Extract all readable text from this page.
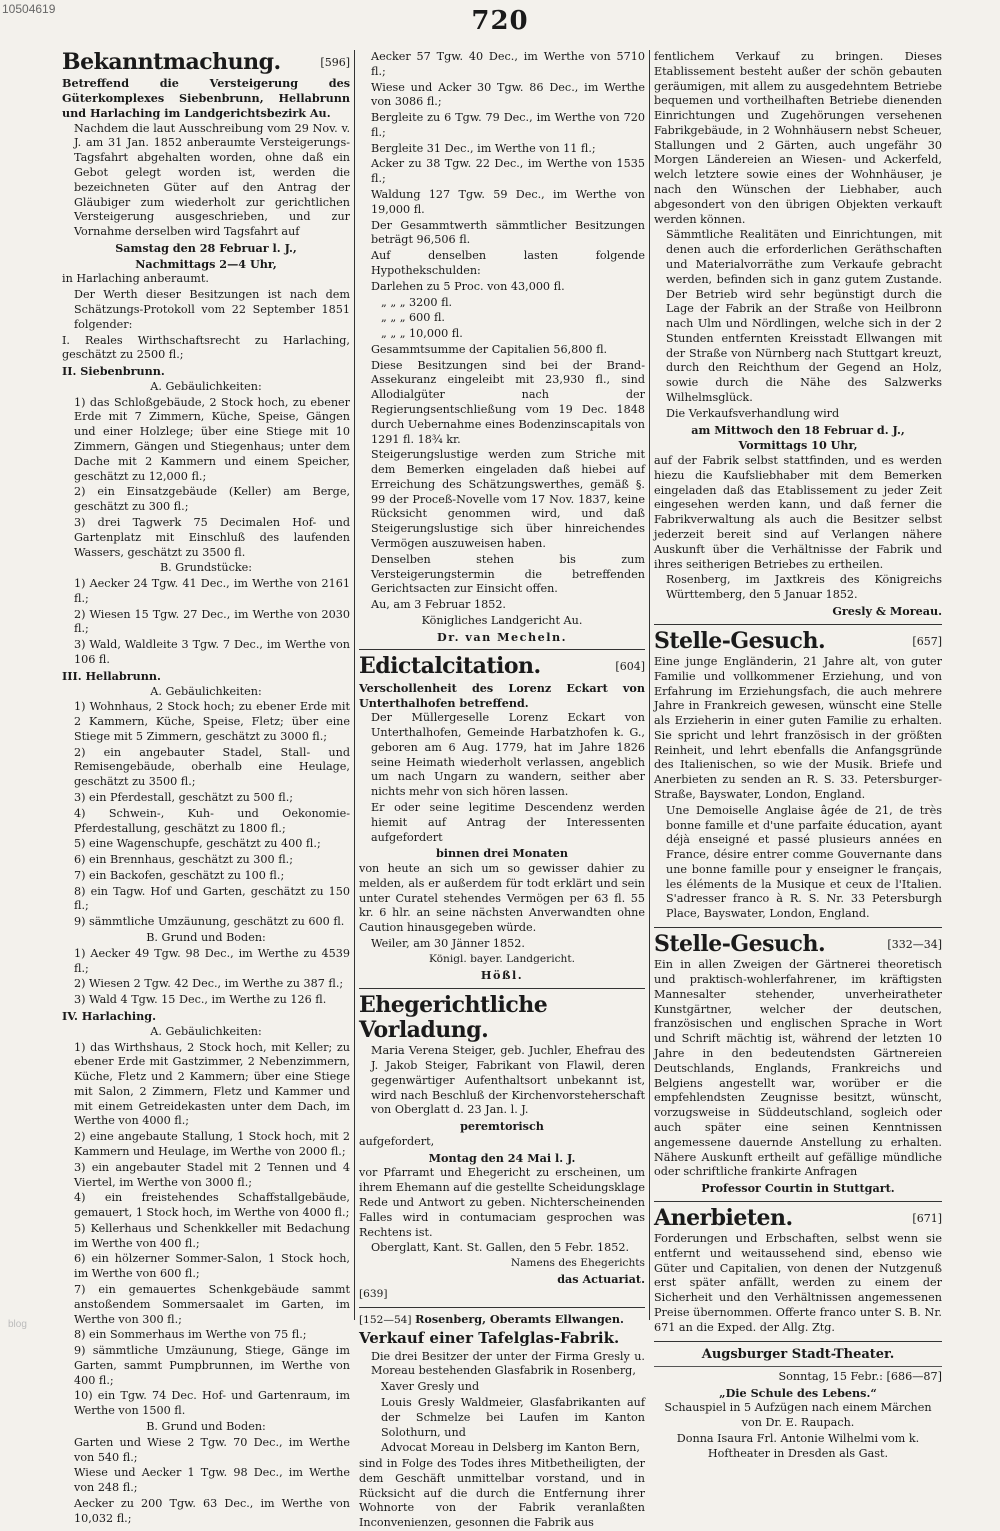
10504619	720

Bekanntmachung.	[596]

Betreffend die Versteigerung des Güterkomplexes Siebenbrunn, Hellabrunn und Harlaching im Landgerichtsbezirk Au.

Nachdem die laut Ausschreibung vom 29 Nov. v. J. am 31 Jan. 1852 anberaumte Versteigerungs-Tagsfahrt abgehalten worden, ohne daß ein Gebot gelegt worden ist, werden die bezeichneten Güter auf den Antrag der Gläubiger zum wiederholt zur gerichtlichen Versteigerung ausgeschrieben, und zur Vornahme derselben wird Tagsfahrt auf

Samstag den 28 Februar l. J.,

Nachmittags 2—4 Uhr,

in Harlaching anberaumt.

Der Werth dieser Besitzungen ist nach dem Schätzungs-Protokoll vom 22 September 1851 folgender:

I. Reales Wirthschaftsrecht zu Harlaching, geschätzt zu 2500 fl.;

II. Siebenbrunn.

A. Gebäulichkeiten:

1) das Schloßgebäude, 2 Stock hoch, zu ebener Erde mit 7 Zimmern, Küche, Speise, Gängen und einer Holzlege; über eine Stiege mit 10 Zimmern, Gängen und Stiegenhaus; unter dem Dache mit 2 Kammern und einem Speicher, geschätzt zu 12,000 fl.;

2) ein Einsatzgebäude (Keller) am Berge, geschätzt zu 300 fl.;

3) drei Tagwerk 75 Decimalen Hof- und Gartenplatz mit Einschluß des laufenden Wassers, geschätzt zu 3500 fl.

B. Grundstücke:

1) Aecker 24 Tgw. 41 Dec., im Werthe von 2161 fl.;

2) Wiesen 15 Tgw. 27 Dec., im Werthe von 2030 fl.;

3) Wald, Waldleite 3 Tgw. 7 Dec., im Werthe von 106 fl.

III. Hellabrunn.

A. Gebäulichkeiten:

1) Wohnhaus, 2 Stock hoch; zu ebener Erde mit 2 Kammern, Küche, Speise, Fletz; über eine Stiege mit 5 Zimmern, geschätzt zu 3000 fl.;

2) ein angebauter Stadel, Stall- und Remisengebäude, oberhalb eine Heulage, geschätzt zu 3500 fl.;

3) ein Pferdestall, geschätzt zu 500 fl.;

4) Schwein-, Kuh- und Oekonomie-Pferdestallung, geschätzt zu 1800 fl.;

5) eine Wagenschupfe, geschätzt zu 400 fl.;

6) ein Brennhaus, geschätzt zu 300 fl.;

7) ein Backofen, geschätzt zu 100 fl.;

8) ein Tagw. Hof und Garten, geschätzt zu 150 fl.;

9) sämmtliche Umzäunung, geschätzt zu 600 fl.

B. Grund und Boden:

1) Aecker 49 Tgw. 98 Dec., im Werthe zu 4539 fl.;

2) Wiesen 2 Tgw. 42 Dec., im Werthe zu 387 fl.;

3) Wald 4 Tgw. 15 Dec., im Werthe zu 126 fl.

IV. Harlaching.

A. Gebäulichkeiten:

1) das Wirthshaus, 2 Stock hoch, mit Keller; zu ebener Erde mit Gastzimmer, 2 Nebenzimmern, Küche, Fletz und 2 Kammern; über eine Stiege mit Salon, 2 Zimmern, Fletz und Kammer und mit einem Getreidekasten unter dem Dach, im Werthe von 4000 fl.;

2) eine angebaute Stallung, 1 Stock hoch, mit 2 Kammern und Heulage, im Werthe von 2000 fl.;

3) ein angebauter Stadel mit 2 Tennen und 4 Viertel, im Werthe von 3000 fl.;

4) ein freistehendes Schaffstallgebäude, gemauert, 1 Stock hoch, im Werthe von 4000 fl.;

5) Kellerhaus und Schenkkeller mit Bedachung im Werthe von 400 fl.;

6) ein hölzerner Sommer-Salon, 1 Stock hoch, im Werthe von 600 fl.;

7) ein gemauertes Schenkgebäude sammt anstoßendem Sommersaalet im Garten, im Werthe von 300 fl.;

8) ein Sommerhaus im Werthe von 75 fl.;

9) sämmtliche Umzäunung, Stiege, Gänge im Garten, sammt Pumpbrunnen, im Werthe von 400 fl.;

10) ein Tgw. 74 Dec. Hof- und Gartenraum, im Werthe von 1500 fl.

B. Grund und Boden:

Garten und Wiese 2 Tgw. 70 Dec., im Werthe von 540 fl.;

Wiese und Aecker 1 Tgw. 98 Dec., im Werthe von 248 fl.;

Aecker zu 200 Tgw. 63 Dec., im Werthe von 10,032 fl.;

Aecker 57 Tgw. 40 Dec., im Werthe von 5710 fl.;

Wiese und Acker 30 Tgw. 86 Dec., im Werthe von 3086 fl.;

Bergleite zu 6 Tgw. 79 Dec., im Werthe von 720 fl.;

Bergleite 31 Dec., im Werthe von 11 fl.;

Acker zu 38 Tgw. 22 Dec., im Werthe von 1535 fl.;

Waldung 127 Tgw. 59 Dec., im Werthe von 19,000 fl.

Der Gesammtwerth sämmtlicher Besitzungen beträgt 96,506 fl.

Auf denselben lasten folgende Hypothekschulden:

Darlehen zu 5 Proc. von 43,000 fl.

„ „ „ 3200 fl.

„ „ „ 600 fl.

„ „ „ 10,000 fl.

Gesammtsumme der Capitalien 56,800 fl.

Diese Besitzungen sind bei der Brand-Assekuranz eingeleibt mit 23,930 fl., sind Allodialgüter nach der Regierungsentschließung vom 19 Dec. 1848 durch Uebernahme eines Bodenzinscapitals von 1291 fl. 18¾ kr.

Steigerungslustige werden zum Striche mit dem Bemerken eingeladen daß hiebei auf Erreichung des Schätzungswerthes, gemäß §. 99 der Proceß-Novelle vom 17 Nov. 1837, keine Rücksicht genommen wird, und daß Steigerungslustige sich über hinreichendes Vermögen auszuweisen haben.

Denselben stehen bis zum Versteigerungstermin die betreffenden Gerichtsacten zur Einsicht offen.

Au, am 3 Februar 1852.

Königliches Landgericht Au.

Dr. van Mecheln.

Edictalcitation.	[604]

Verschollenheit des Lorenz Eckart von Unterthalhofen betreffend.

Der Müllergeselle Lorenz Eckart von Unterthalhofen, Gemeinde Harbatzhofen k. G., geboren am 6 Aug. 1779, hat im Jahre 1826 seine Heimath wiederholt verlassen, angeblich um nach Ungarn zu wandern, seither aber nichts mehr von sich hören lassen.

Er oder seine legitime Descendenz werden hiemit auf Antrag der Interessenten aufgefordert

binnen drei Monaten

von heute an sich um so gewisser dahier zu melden, als er außerdem für todt erklärt und sein unter Curatel stehendes Vermögen per 63 fl. 55 kr. 6 hlr. an seine nächsten Anverwandten ohne Caution hinausgegeben würde.

Weiler, am 30 Jänner 1852.

Königl. bayer. Landgericht.

Hößl.

Ehegerichtliche Vorladung.

Maria Verena Steiger, geb. Juchler, Ehefrau des J. Jakob Steiger, Fabrikant von Flawil, deren gegenwärtiger Aufenthaltsort unbekannt ist, wird nach Beschluß der Kirchenvorsteherschaft von Oberglatt d. 23 Jan. l. J.

peremtorisch

aufgefordert,

Montag den 24 Mai l. J.

vor Pfarramt und Ehegericht zu erscheinen, um ihrem Ehemann auf die gestellte Scheidungsklage Rede und Antwort zu geben. Nichterscheinenden Falles wird in contumaciam gesprochen was Rechtens ist.

Oberglatt, Kant. St. Gallen, den 5 Febr. 1852.

Namens des Ehegerichts

das Actuariat.

[639]

[152—54] Rosenberg, Oberamts Ellwangen.

Verkauf einer Tafelglas-Fabrik.

Die drei Besitzer der unter der Firma Gresly u. Moreau bestehenden Glasfabrik in Rosenberg,

Xaver Gresly und

Louis Gresly Waldmeier, Glasfabrikanten auf der Schmelze bei Laufen im Kanton Solothurn, und

Advocat Moreau in Delsberg im Kanton Bern,

sind in Folge des Todes ihres Mitbetheiligten, der dem Geschäft unmittelbar vorstand, und in Rücksicht auf die durch die Entfernung ihrer Wohnorte von der Fabrik veranlaßten Inconvenienzen, gesonnen die Fabrik aus

fentlichem Verkauf zu bringen. Dieses Etablissement besteht außer der schön gebauten geräumigen, mit allem zu ausgedehntem Betriebe bequemen und vortheilhaften Betriebe dienenden Einrichtungen und Zugehörungen versehenen Fabrikgebäude, in 2 Wohnhäusern nebst Scheuer, Stallungen und 2 Gärten, auch ungefähr 30 Morgen Ländereien an Wiesen- und Ackerfeld, welch letztere sowie eines der Wohnhäuser, je nach den Wünschen der Liebhaber, auch abgesondert von den übrigen Objekten verkauft werden können.

Sämmtliche Realitäten und Einrichtungen, mit denen auch die erforderlichen Geräthschaften und Materialvorräthe zum Verkaufe gebracht werden, befinden sich in ganz gutem Zustande. Der Betrieb wird sehr begünstigt durch die Lage der Fabrik an der Straße von Heilbronn nach Ulm und Nördlingen, welche sich in der 2 Stunden entfernten Kreisstadt Ellwangen mit der Straße von Nürnberg nach Stuttgart kreuzt, durch den Reichthum der Gegend an Holz, sowie durch die Nähe des Salzwerks Wilhelmsglück.

Die Verkaufsverhandlung wird

am Mittwoch den 18 Februar d. J.,

Vormittags 10 Uhr,

auf der Fabrik selbst stattfinden, und es werden hiezu die Kaufsliebhaber mit dem Bemerken eingeladen daß das Etablissement zu jeder Zeit eingesehen werden kann, und daß ferner die Fabrikverwaltung als auch die Besitzer selbst jederzeit bereit sind auf Verlangen nähere Auskunft über die Verhältnisse der Fabrik und ihres seitherigen Betriebes zu ertheilen.

Rosenberg, im Jaxtkreis des Königreichs Württemberg, den 5 Januar 1852.

Gresly & Moreau.

Stelle-Gesuch.	[657]

Eine junge Engländerin, 21 Jahre alt, von guter Familie und vollkommener Erziehung, und von Erfahrung im Erziehungsfach, die auch mehrere Jahre in Frankreich gewesen, wünscht eine Stelle als Erzieherin in einer guten Familie zu erhalten. Sie spricht und lehrt französisch in der größten Reinheit, und lehrt ebenfalls die Anfangsgründe des Italienischen, so wie der Musik. Briefe und Anerbieten zu senden an R. S. 33. Petersburger-Straße, Bayswater, London, England.

Une Demoiselle Anglaise âgée de 21, de très bonne famille et d'une parfaite éducation, ayant déjà enseigné et passé plusieurs années en France, désire entrer comme Gouvernante dans une bonne famille pour y enseigner le français, les éléments de la Musique et ceux de l'Italien. S'adresser franco à R. S. Nr. 33 Petersburgh Place, Bayswater, London, England.

Stelle-Gesuch.	[332—34]

Ein in allen Zweigen der Gärtnerei theoretisch und praktisch-wohlerfahrener, im kräftigsten Mannesalter stehender, unverheiratheter Kunstgärtner, welcher der deutschen, französischen und englischen Sprache in Wort und Schrift mächtig ist, während der letzten 10 Jahre in den bedeutendsten Gärtnereien Deutschlands, Englands, Frankreichs und Belgiens angestellt war, worüber er die empfehlendsten Zeugnisse besitzt, wünscht, vorzugsweise in Süddeutschland, sogleich oder auch später eine seinen Kenntnissen angemessene dauernde Anstellung zu erhalten. Nähere Auskunft ertheilt auf gefällige mündliche oder schriftliche frankirte Anfragen

Professor Courtin in Stuttgart.

Anerbieten.	[671]

Forderungen und Erbschaften, selbst wenn sie entfernt und weitaussehend sind, ebenso wie Güter und Capitalien, von denen der Nutzgenuß erst später anfällt, werden zu einem der Sicherheit und den Verhältnissen angemessenen Preise übernommen. Offerte franco unter S. B. Nr. 671 an die Exped. der Allg. Ztg.

Augsburger Stadt-Theater.

Sonntag, 15 Febr.: [686—87]

„Die Schule des Lebens.“

Schauspiel in 5 Aufzügen nach einem Märchen von Dr. E. Raupach.

Donna Isaura Frl. Antonie Wilhelmi vom k. Hoftheater in Dresden als Gast.

blog
